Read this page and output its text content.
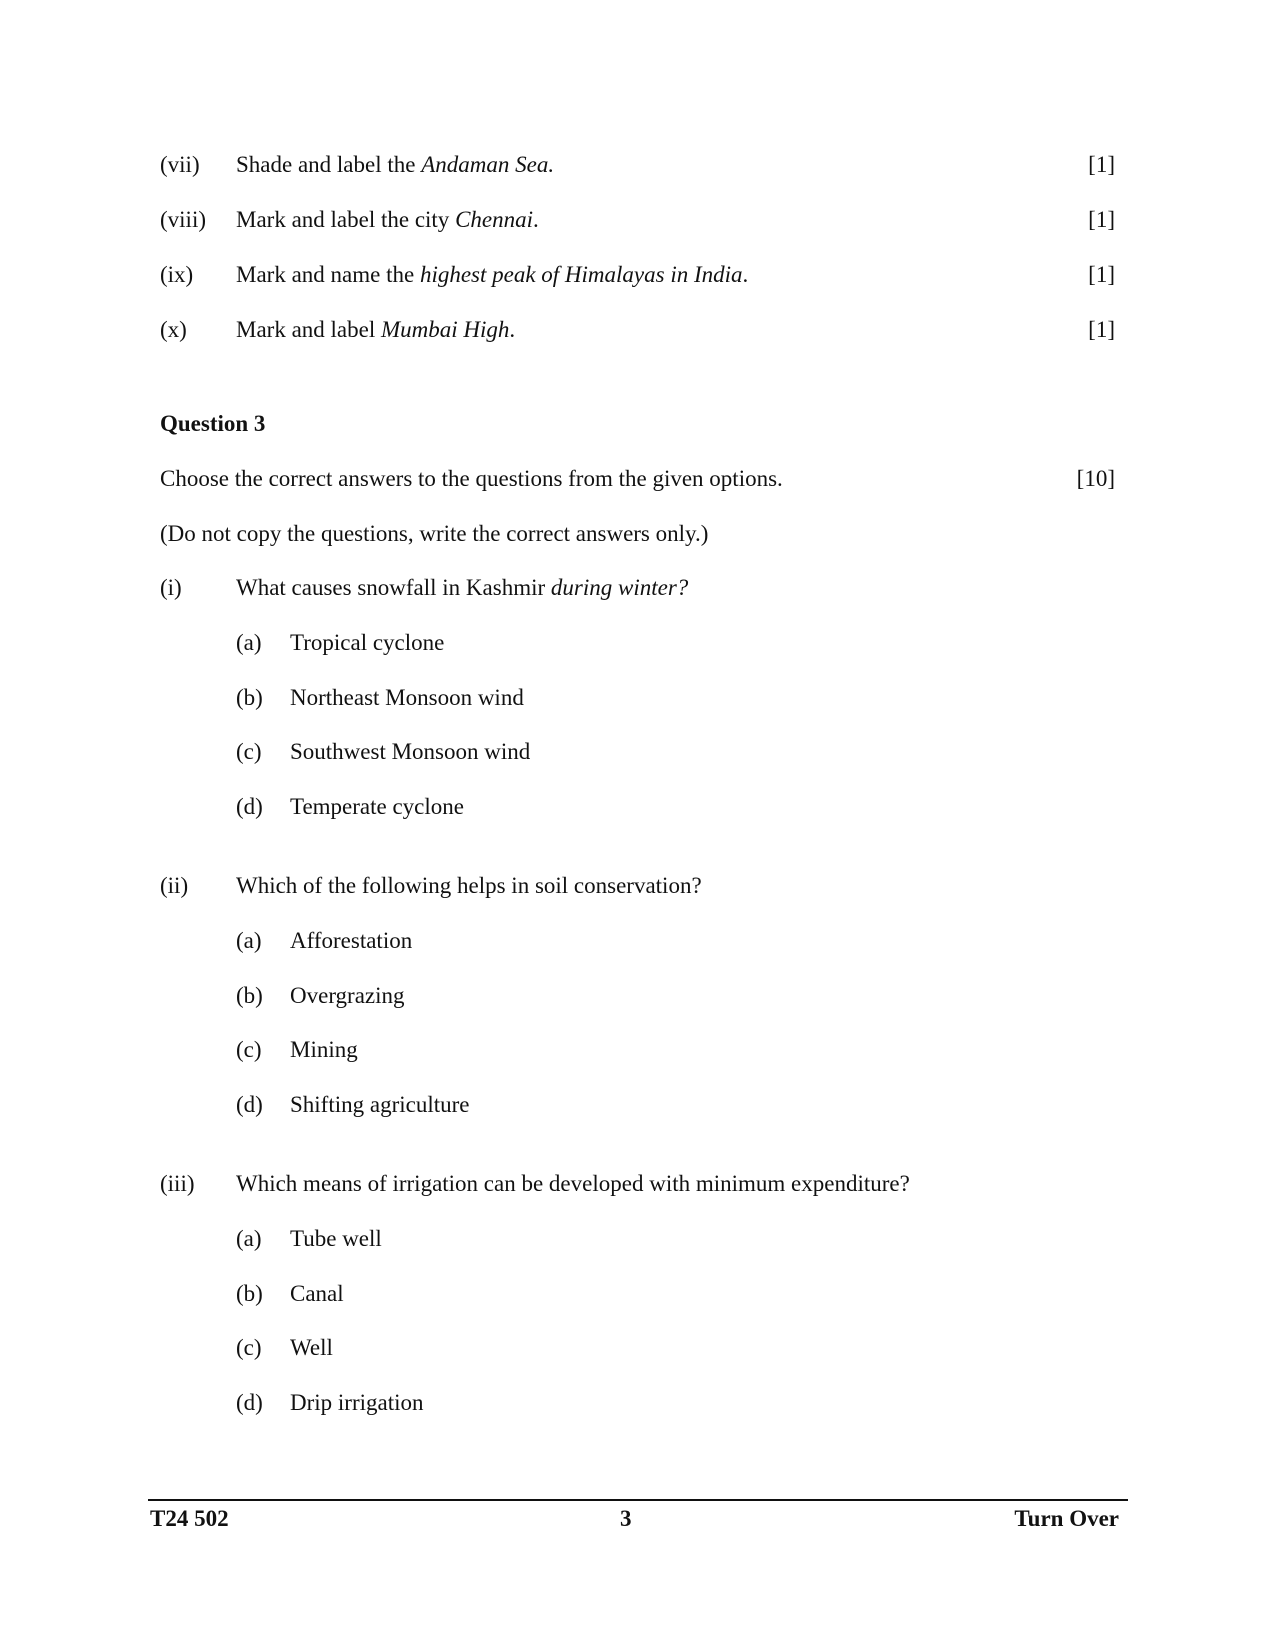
(vii) Shade and label the Andaman Sea.	[1]
(viii) Mark and label the city Chennai.	[1]
(ix) Mark and name the highest peak of Himalayas in India.	[1]
(x) Mark and label Mumbai High.	[1]
Question 3
Choose the correct answers to the questions from the given options.	[10]
(Do not copy the questions, write the correct answers only.)
(i) What causes snowfall in Kashmir during winter?
(a) Tropical cyclone
(b) Northeast Monsoon wind
(c) Southwest Monsoon wind
(d) Temperate cyclone
(ii) Which of the following helps in soil conservation?
(a) Afforestation
(b) Overgrazing
(c) Mining
(d) Shifting agriculture
(iii) Which means of irrigation can be developed with minimum expenditure?
(a) Tube well
(b) Canal
(c) Well
(d) Drip irrigation
T24 502	3	Turn Over
